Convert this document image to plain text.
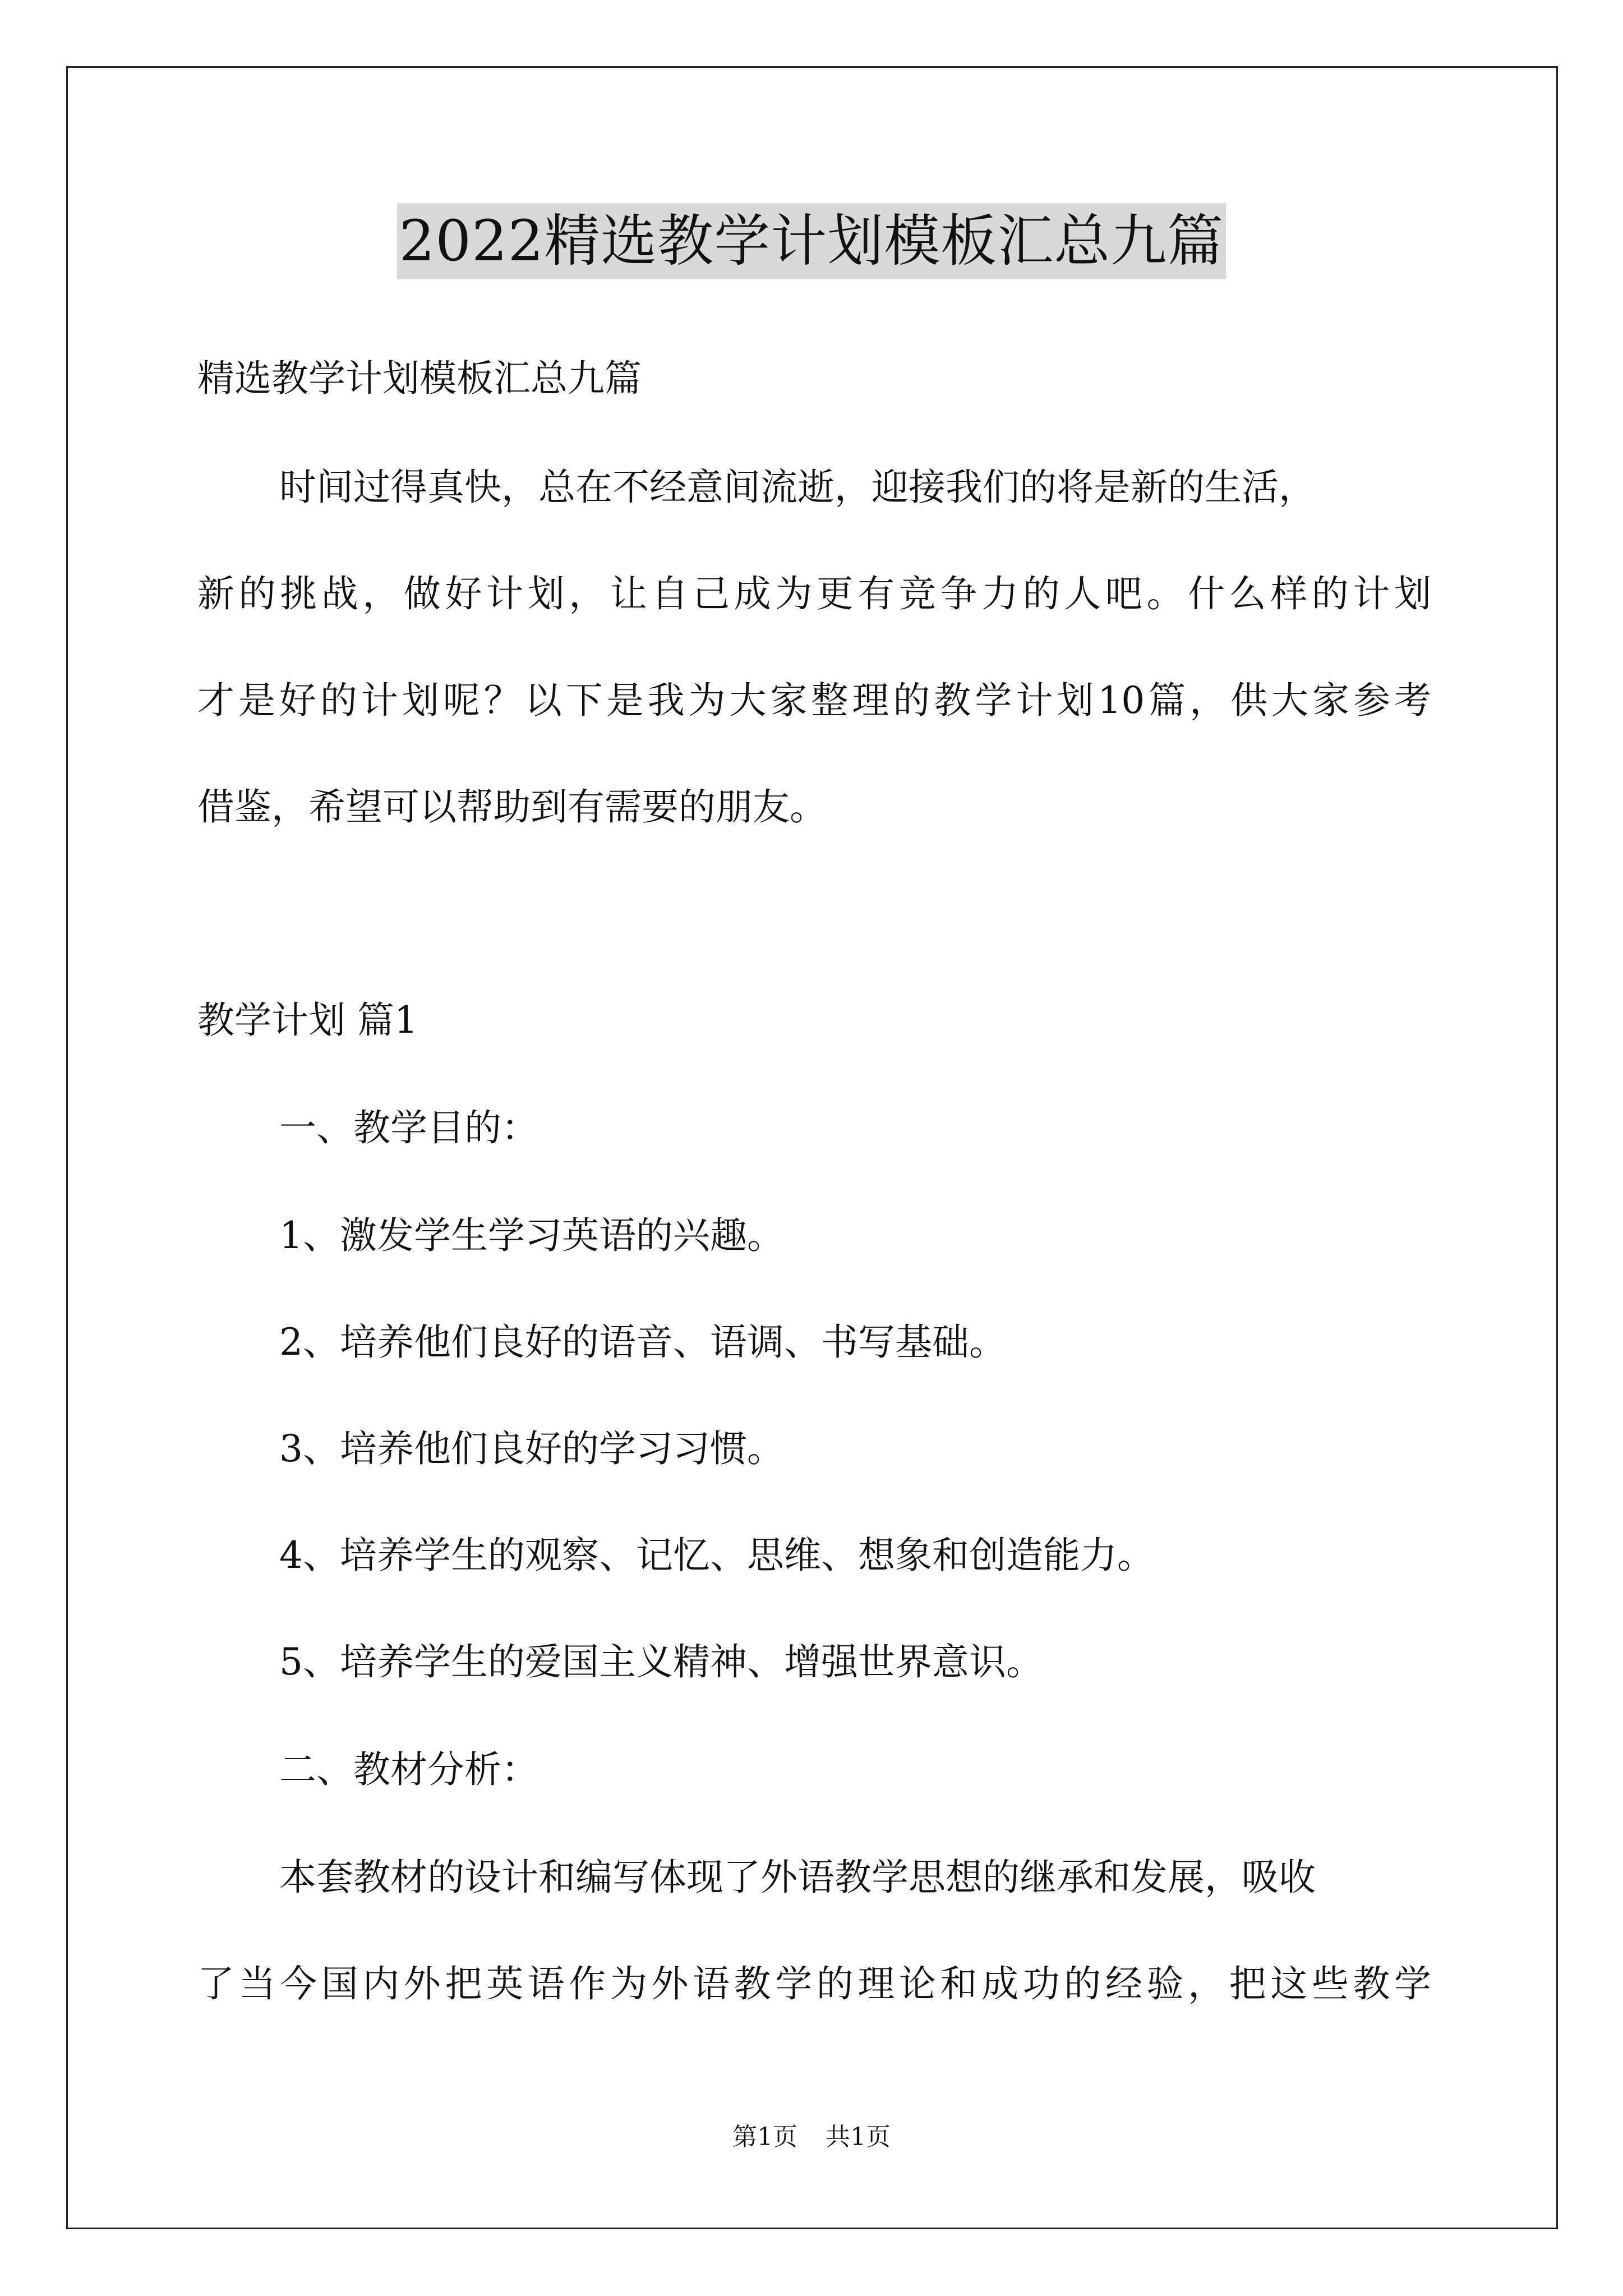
2022精选教学计划模板汇总九篇
精选教学计划模板汇总九篇
时间过得真快，总在不经意间流逝，迎接我们的将是新的生活，
新的挑战，做好计划，让自己成为更有竞争力的人吧。什么样的计划
才是好的计划呢？以下是我为大家整理的教学计划10篇，供大家参考
借鉴，希望可以帮助到有需要的朋友。
教学计划 篇1
一、教学目的：
1、激发学生学习英语的兴趣。
2、培养他们良好的语音、语调、书写基础。
3、培养他们良好的学习习惯。
4、培养学生的观察、记忆、思维、想象和创造能力。
5、培养学生的爱国主义精神、增强世界意识。
二、教材分析：
本套教材的设计和编写体现了外语教学思想的继承和发展，吸收
了当今国内外把英语作为外语教学的理论和成功的经验，把这些教学
第1页 共1页
